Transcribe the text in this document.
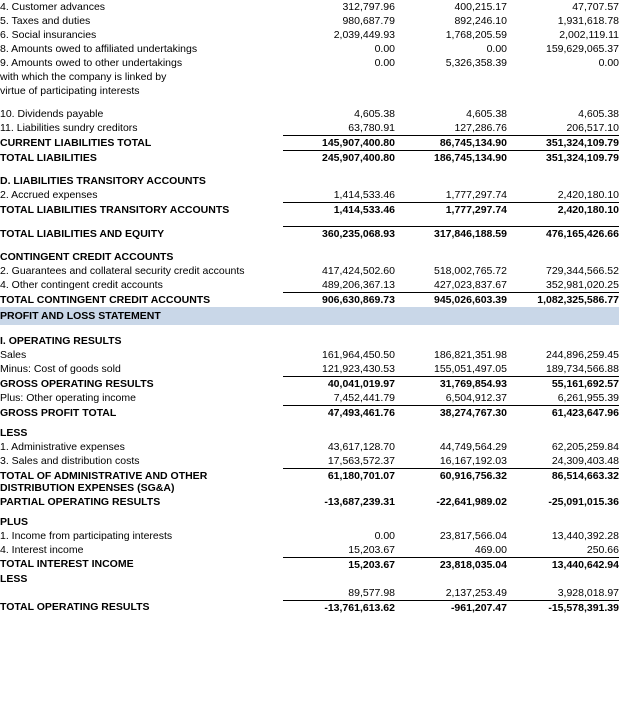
4. Customer advances	312,797.96	400,215.17	47,707.57
5. Taxes and duties	980,687.79	892,246.10	1,931,618.78
6. Social insurancies	2,039,449.93	1,768,205.59	2,002,119.11
8. Amounts owed to affiliated undertakings	0.00	0.00	159,629,065.37
9. Amounts owed to other undertakings	0.00	5,326,358.39	0.00
with which the company is linked by			
virtue of participating interests			

10. Dividends payable	4,605.38	4,605.38	4,605.38
11. Liabilities sundry creditors	63,780.91	127,286.76	206,517.10
CURRENT LIABILITIES TOTAL	145,907,400.80	86,745,134.90	351,324,109.79
TOTAL LIABILITIES	245,907,400.80	186,745,134.90	351,324,109.79

D. LIABILITIES TRANSITORY ACCOUNTS			
2. Accrued expenses	1,414,533.46	1,777,297.74	2,420,180.10
TOTAL LIABILITIES TRANSITORY ACCOUNTS	1,414,533.46	1,777,297.74	2,420,180.10

TOTAL LIABILITIES AND EQUITY	360,235,068.93	317,846,188.59	476,165,426.66

CONTINGENT CREDIT ACCOUNTS			
2. Guarantees and collateral security credit accounts	417,424,502.60	518,002,765.72	729,344,566.52
4. Other contingent credit accounts	489,206,367.13	427,023,837.67	352,981,020.25
TOTAL CONTINGENT CREDIT ACCOUNTS	906,630,869.73	945,026,603.39	1,082,325,586.77
PROFIT AND LOSS STATEMENT			

I. OPERATING RESULTS			
Sales	161,964,450.50	186,821,351.98	244,896,259.45
Minus: Cost of goods sold	121,923,430.53	155,051,497.05	189,734,566.88
GROSS OPERATING RESULTS	40,041,019.97	31,769,854.93	55,161,692.57
Plus: Other operating income	7,452,441.79	6,504,912.37	6,261,955.39
GROSS PROFIT TOTAL	47,493,461.76	38,274,767.30	61,423,647.96

LESS			
1. Administrative expenses	43,617,128.70	44,749,564.29	62,205,259.84
3. Sales and distribution costs	17,563,572.37	16,167,192.03	24,309,403.48
TOTAL OF ADMINISTRATIVE AND OTHER DISTRIBUTION EXPENSES (SG&A)	61,180,701.07	60,916,756.32	86,514,663.32
PARTIAL OPERATING RESULTS	-13,687,239.31	-22,641,989.02	-25,091,015.36

PLUS			
1. Income from participating interests	0.00	23,817,566.04	13,440,392.28
4. Interest income	15,203.67	469.00	250.66
TOTAL INTEREST INCOME	15,203.67	23,818,035.04	13,440,642.94
LESS			
	89,577.98	2,137,253.49	3,928,018.97
TOTAL OPERATING RESULTS	-13,761,613.62	-961,207.47	-15,578,391.39
